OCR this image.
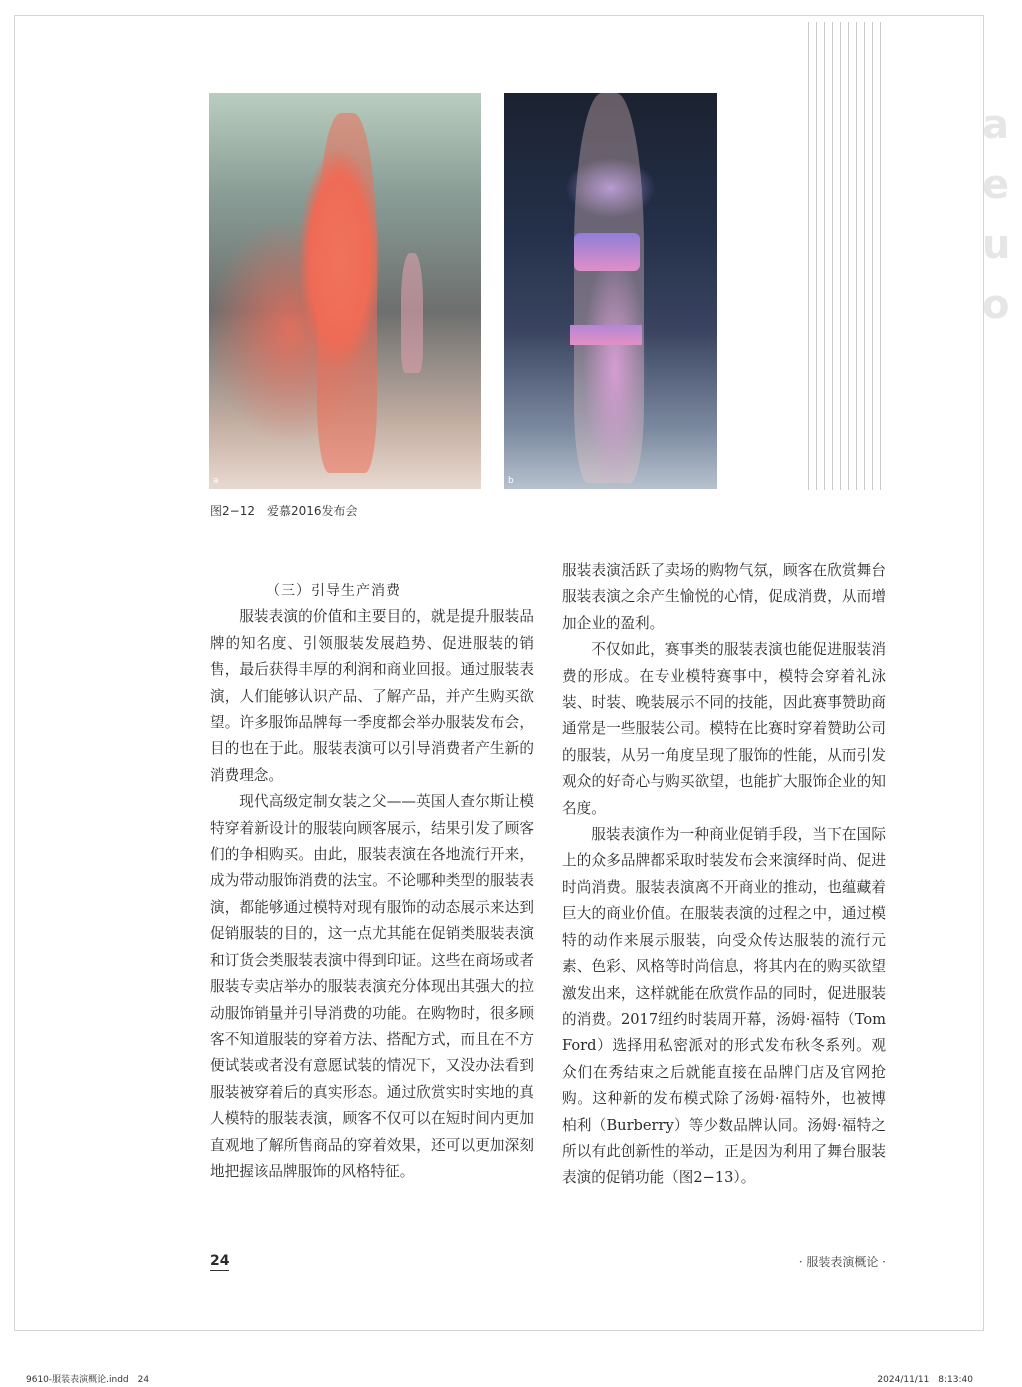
a
e
u
o
a	b
图2−12　爱慕2016发布会

（三）引导生产消费

服装表演的价值和主要目的，就是提升服装品牌的知名度、引领服装发展趋势、促进服装的销售，最后获得丰厚的利润和商业回报。通过服装表演，人们能够认识产品、了解产品，并产生购买欲望。许多服饰品牌每一季度都会举办服装发布会，目的也在于此。服装表演可以引导消费者产生新的消费理念。

现代高级定制女装之父——英国人查尔斯让模特穿着新设计的服装向顾客展示，结果引发了顾客们的争相购买。由此，服装表演在各地流行开来，成为带动服饰消费的法宝。不论哪种类型的服装表演，都能够通过模特对现有服饰的动态展示来达到促销服装的目的，这一点尤其能在促销类服装表演和订货会类服装表演中得到印证。这些在商场或者服装专卖店举办的服装表演充分体现出其强大的拉动服饰销量并引导消费的功能。在购物时，很多顾客不知道服装的穿着方法、搭配方式，而且在不方便试装或者没有意愿试装的情况下，又没办法看到服装被穿着后的真实形态。通过欣赏实时实地的真人模特的服装表演，顾客不仅可以在短时间内更加直观地了解所售商品的穿着效果，还可以更加深刻地把握该品牌服饰的风格特征。

服装表演活跃了卖场的购物气氛，顾客在欣赏舞台服装表演之余产生愉悦的心情，促成消费，从而增加企业的盈利。

不仅如此，赛事类的服装表演也能促进服装消费的形成。在专业模特赛事中，模特会穿着礼泳装、时装、晚装展示不同的技能，因此赛事赞助商通常是一些服装公司。模特在比赛时穿着赞助公司的服装，从另一角度呈现了服饰的性能，从而引发观众的好奇心与购买欲望，也能扩大服饰企业的知名度。

服装表演作为一种商业促销手段，当下在国际上的众多品牌都采取时装发布会来演绎时尚、促进时尚消费。服装表演离不开商业的推动，也蕴藏着巨大的商业价值。在服装表演的过程之中，通过模特的动作来展示服装，向受众传达服装的流行元素、色彩、风格等时尚信息，将其内在的购买欲望激发出来，这样就能在欣赏作品的同时，促进服装的消费。2017纽约时装周开幕，汤姆·福特（Tom Ford）选择用私密派对的形式发布秋冬系列。观众们在秀结束之后就能直接在品牌门店及官网抢购。这种新的发布模式除了汤姆·福特外，也被博柏利（Burberry）等少数品牌认同。汤姆·福特之所以有此创新性的举动，正是因为利用了舞台服装表演的促销功能（图2−13）。

24	· 服装表演概论 ·
9610-服装表演概论.indd　24	2024/11/11　8:13:40
